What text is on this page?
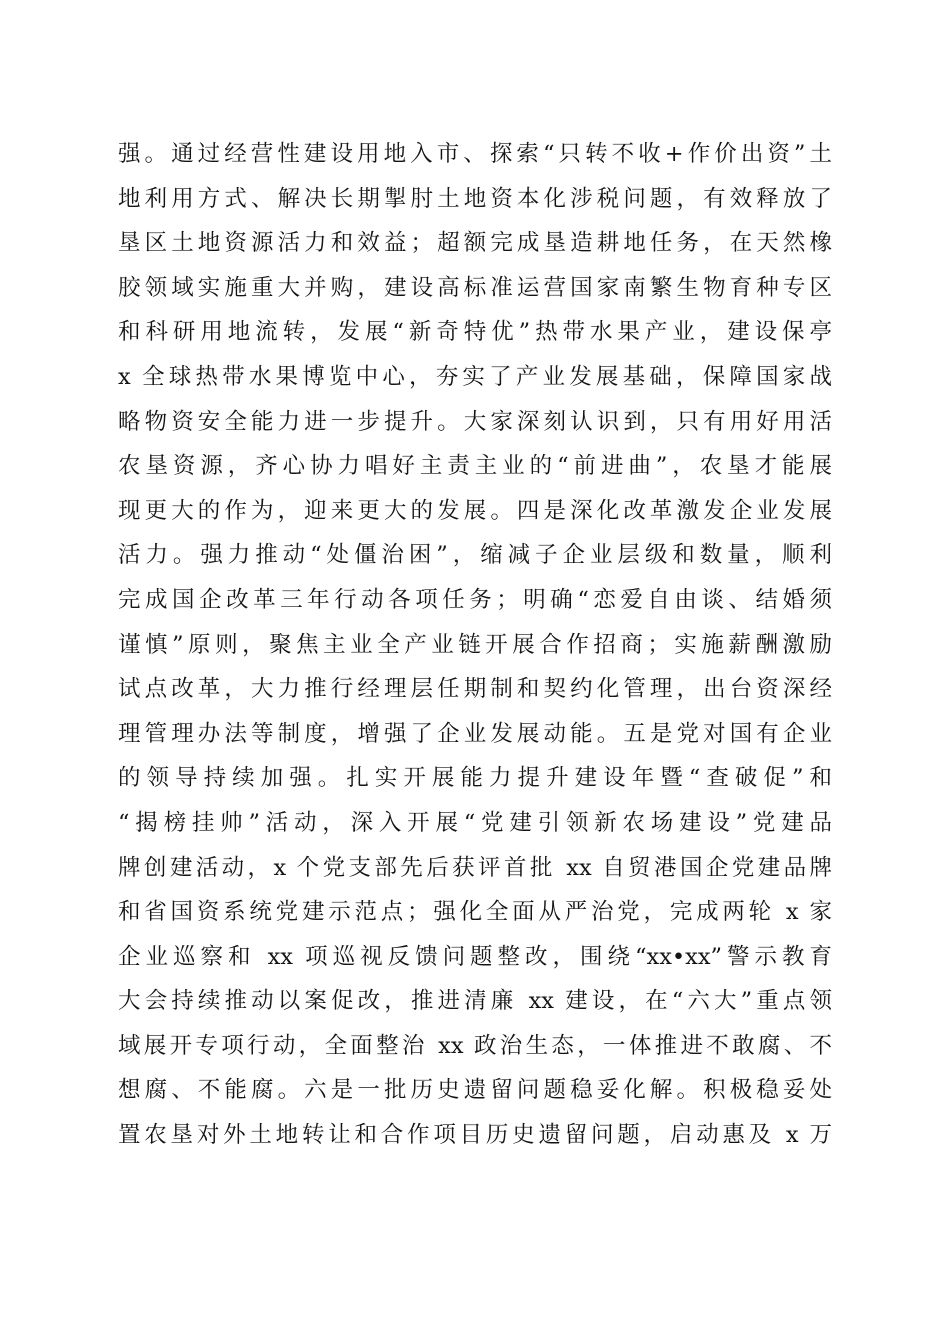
强。通过经营性建设用地入市、探索“只转不收+作价出资”土
地利用方式、解决长期掣肘土地资本化涉税问题，有效释放了
垦区土地资源活力和效益；超额完成垦造耕地任务，在天然橡
胶领域实施重大并购，建设高标准运营国家南繁生物育种专区
和科研用地流转，发展“新奇特优”热带水果产业，建设保亭
x 全球热带水果博览中心，夯实了产业发展基础，保障国家战
略物资安全能力进一步提升。大家深刻认识到，只有用好用活
农垦资源，齐心协力唱好主责主业的“前进曲”，农垦才能展
现更大的作为，迎来更大的发展。四是深化改革激发企业发展
活力。强力推动“处僵治困”，缩减子企业层级和数量，顺利
完成国企改革三年行动各项任务；明确“恋爱自由谈、结婚须
谨慎”原则，聚焦主业全产业链开展合作招商；实施薪酬激励
试点改革，大力推行经理层任期制和契约化管理，出台资深经
理管理办法等制度，增强了企业发展动能。五是党对国有企业
的领导持续加强。扎实开展能力提升建设年暨“查破促”和
“揭榜挂帅”活动，深入开展“党建引领新农场建设”党建品
牌创建活动，x 个党支部先后获评首批 xx 自贸港国企党建品牌
和省国资系统党建示范点；强化全面从严治党，完成两轮 x 家
企业巡察和 xx 项巡视反馈问题整改，围绕“xx•xx”警示教育
大会持续推动以案促改，推进清廉 xx 建设，在“六大”重点领
域展开专项行动，全面整治 xx 政治生态，一体推进不敢腐、不
想腐、不能腐。六是一批历史遗留问题稳妥化解。积极稳妥处
置农垦对外土地转让和合作项目历史遗留问题，启动惠及 x 万
